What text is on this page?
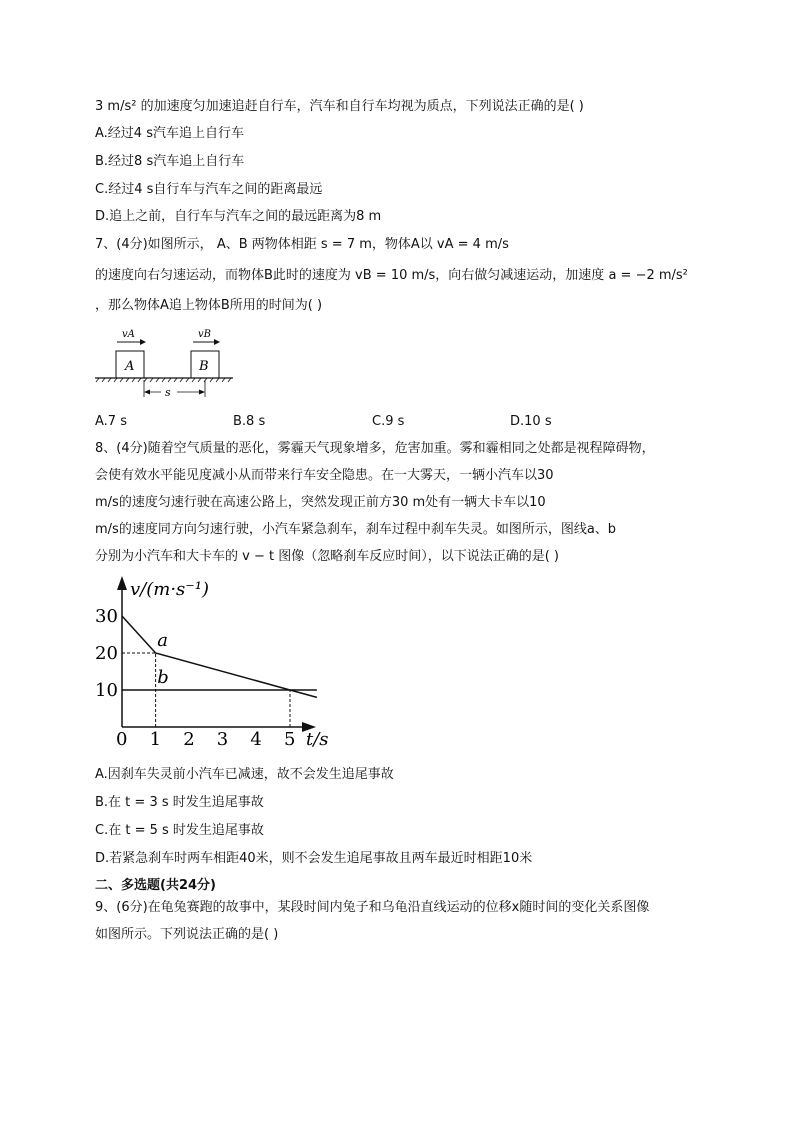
3 m/s² 的加速度匀加速追赶自行车，汽车和自行车均视为质点，下列说法正确的是( )
A.经过4 s汽车追上自行车
B.经过8 s汽车追上自行车
C.经过4 s自行车与汽车之间的距离最远
D.追上之前，自行车与汽车之间的最远距离为8 m
7、(4分)如图所示， A、B 两物体相距 s = 7 m，物体A以 vA = 4 m/s
的速度向右匀速运动，而物体B此时的速度为 vB = 10 m/s，向右做匀减速运动，加速度 a = −2 m/s²
，那么物体A追上物体B所用的时间为( )
vA	vB
A	B
s
A.7 s	B.8 s	C.9 s	D.10 s
8、(4分)随着空气质量的恶化，雾霾天气现象增多，危害加重。雾和霾相同之处都是视程障碍物，
会使有效水平能见度减小从而带来行车安全隐患。在一大雾天，一辆小汽车以30
m/s的速度匀速行驶在高速公路上，突然发现正前方30 m处有一辆大卡车以10
m/s的速度同方向匀速行驶，小汽车紧急刹车，刹车过程中刹车失灵。如图所示，图线a、b
分别为小汽车和大卡车的 v − t 图像（忽略刹车反应时间），以下说法正确的是( )
v/(m·s⁻¹)
t/s
a
b
0 1 2 3 4 5
10
20
30
A.因刹车失灵前小汽车已减速，故不会发生追尾事故
B.在 t = 3 s 时发生追尾事故
C.在 t = 5 s 时发生追尾事故
D.若紧急刹车时两车相距40米，则不会发生追尾事故且两车最近时相距10米
二、多选题(共24分)
9、(6分)在龟兔赛跑的故事中，某段时间内兔子和乌龟沿直线运动的位移x随时间的变化关系图像
如图所示。下列说法正确的是( )
